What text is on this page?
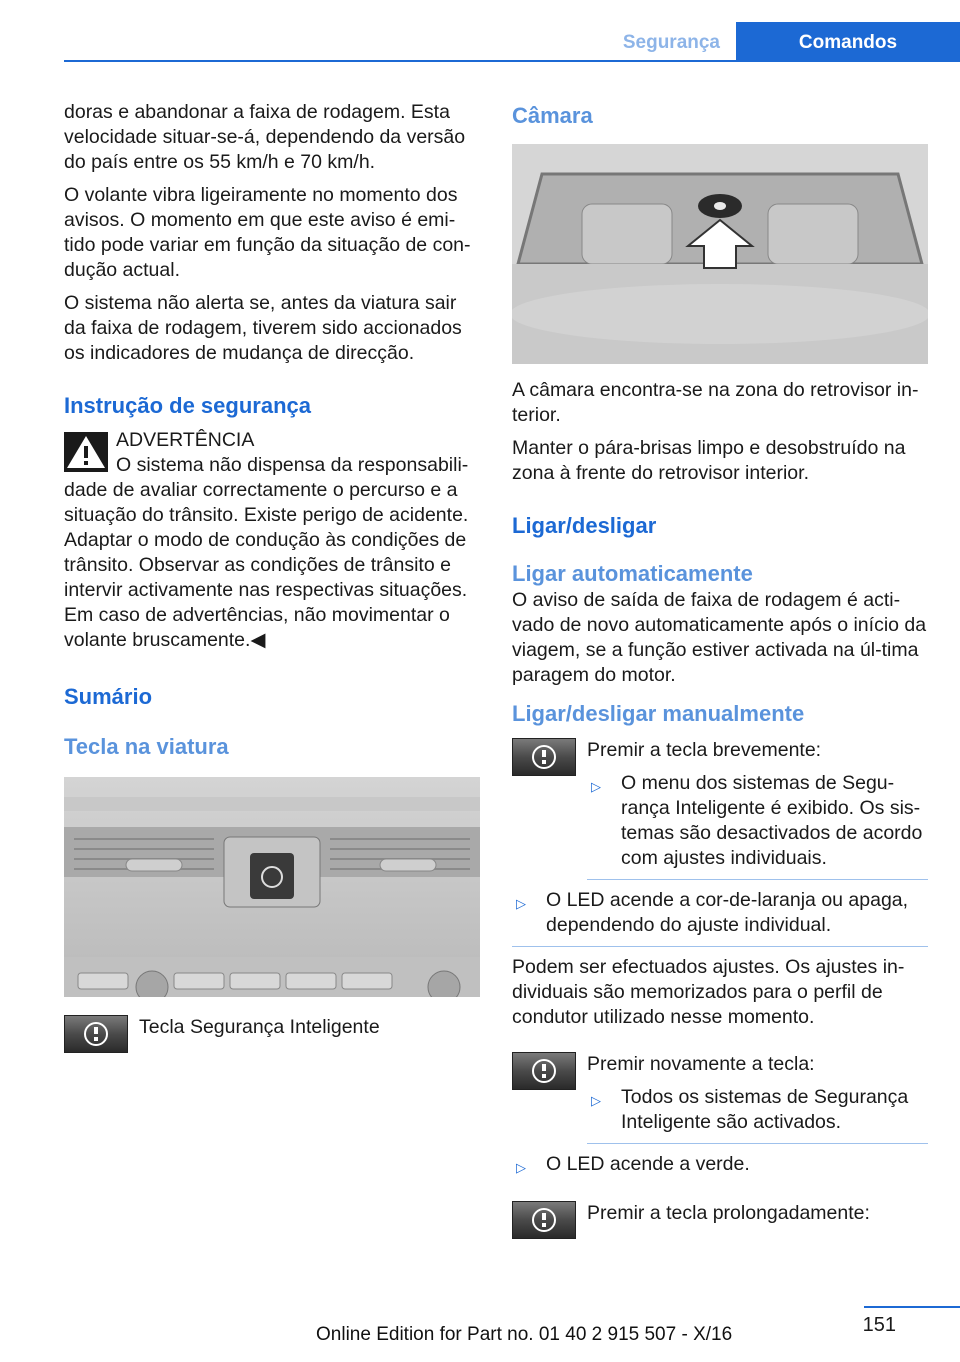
Segurança	Comandos

doras e abandonar a faixa de rodagem. Esta velocidade situar-se-á, dependendo da versão do país entre os 55 km/h e 70 km/h.

O volante vibra ligeiramente no momento dos avisos. O momento em que este aviso é emi‐tido pode variar em função da situação de con‐dução actual.

O sistema não alerta se, antes da viatura sair da faixa de rodagem, tiverem sido accionados os indicadores de mudança de direcção.

Instrução de segurança
ADVERTÊNCIA
O sistema não dispensa da responsabili‐dade de avaliar correctamente o percurso e a situação do trânsito. Existe perigo de acidente. Adaptar o modo de condução às condições de trânsito. Observar as condições de trânsito e intervir activamente nas respectivas situações. Em caso de advertências, não movimentar o volante bruscamente.◀
Sumário
Tecla na viatura
Tecla Segurança Inteligente
Câmara

A câmara encontra-se na zona do retrovisor in‐terior.

Manter o pára-brisas limpo e desobstruído na zona à frente do retrovisor interior.

Ligar/desligar
Ligar automaticamente

O aviso de saída de faixa de rodagem é acti‐vado de novo automaticamente após o início da viagem, se a função estiver activada na úl‐tima paragem do motor.

Ligar/desligar manualmente
Premir a tecla brevemente:
▷ O menu dos sistemas de Segu‐rança Inteligente é exibido. Os sis‐temas são desactivados de acordo com ajustes individuais.
▷ O LED acende a cor-de-laranja ou apaga, dependendo do ajuste individual.

Podem ser efectuados ajustes. Os ajustes in‐dividuais são memorizados para o perfil de condutor utilizado nesse momento.

Premir novamente a tecla:
▷ Todos os sistemas de Segurança Inteligente são activados.
▷ O LED acende a verde.
Premir a tecla prolongadamente:
151
Online Edition for Part no. 01 40 2 915 507 - X/16
